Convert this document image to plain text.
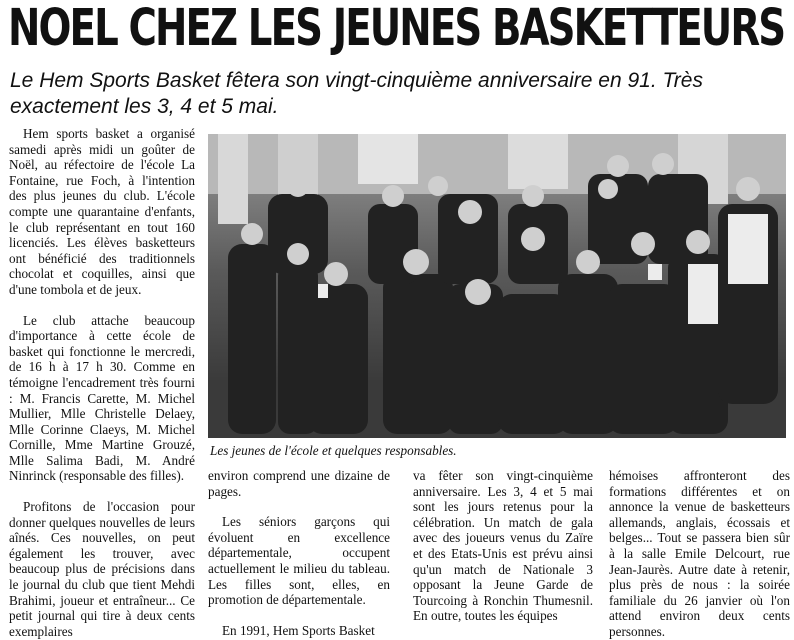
NOEL CHEZ LES JEUNES BASKETTEURS
Le Hem Sports Basket fêtera son vingt-cinquième anniversaire en 91. Très exactement les 3, 4 et 5 mai.

Hem sports basket a organisé samedi après midi un goûter de Noël, au réfectoire de l'école La Fontaine, rue Foch, à l'intention des plus jeunes du club. L'école compte une quarantaine d'enfants, le club représentant en tout 160 licenciés. Les élèves basketteurs ont bénéficié des traditionnels chocolat et coquilles, ainsi que d'une tombola et de jeux.

Le club attache beaucoup d'importance à cette école de basket qui fonctionne le mercredi, de 16 h à 17 h 30. Comme en témoigne l'encadrement très fourni : M. Francis Carette, M. Michel Mullier, Mlle Christelle Delaey, Mlle Corinne Claeys, M. Michel Cornille, Mme Martine Grouzé, Mlle Salima Badi, M. André Ninrinck (responsable des filles).

Profitons de l'occasion pour donner quelques nouvelles de leurs aînés. Ces nouvelles, on peut également les trouver, avec beaucoup plus de précisions dans le journal du club que tient Mehdi Brahimi, joueur et entraîneur... Ce petit journal qui tire à deux cents exemplaires

Les jeunes de l'école et quelques responsables.

environ comprend une dizaine de pages.

Les séniors garçons qui évoluent en excellence départementale, occupent actuellement le milieu du tableau. Les filles sont, elles, en promotion de départementale.

En 1991, Hem Sports Basket

va fêter son vingt-cinquième anniversaire. Les 3, 4 et 5 mai sont les jours retenus pour la célébration. Un match de gala avec des joueurs venus du Zaïre et des Etats-Unis est prévu ainsi qu'un match de Nationale 3 opposant la Jeune Garde de Tourcoing à Ronchin Thumesnil. En outre, toutes les équipes

hémoises affronteront des formations différentes et on annonce la venue de basketteurs allemands, anglais, écossais et belges... Tout se passera bien sûr à la salle Emile Delcourt, rue Jean-Jaurès. Autre date à retenir, plus près de nous : la soirée familiale du 26 janvier où l'on attend environ deux cents personnes.
